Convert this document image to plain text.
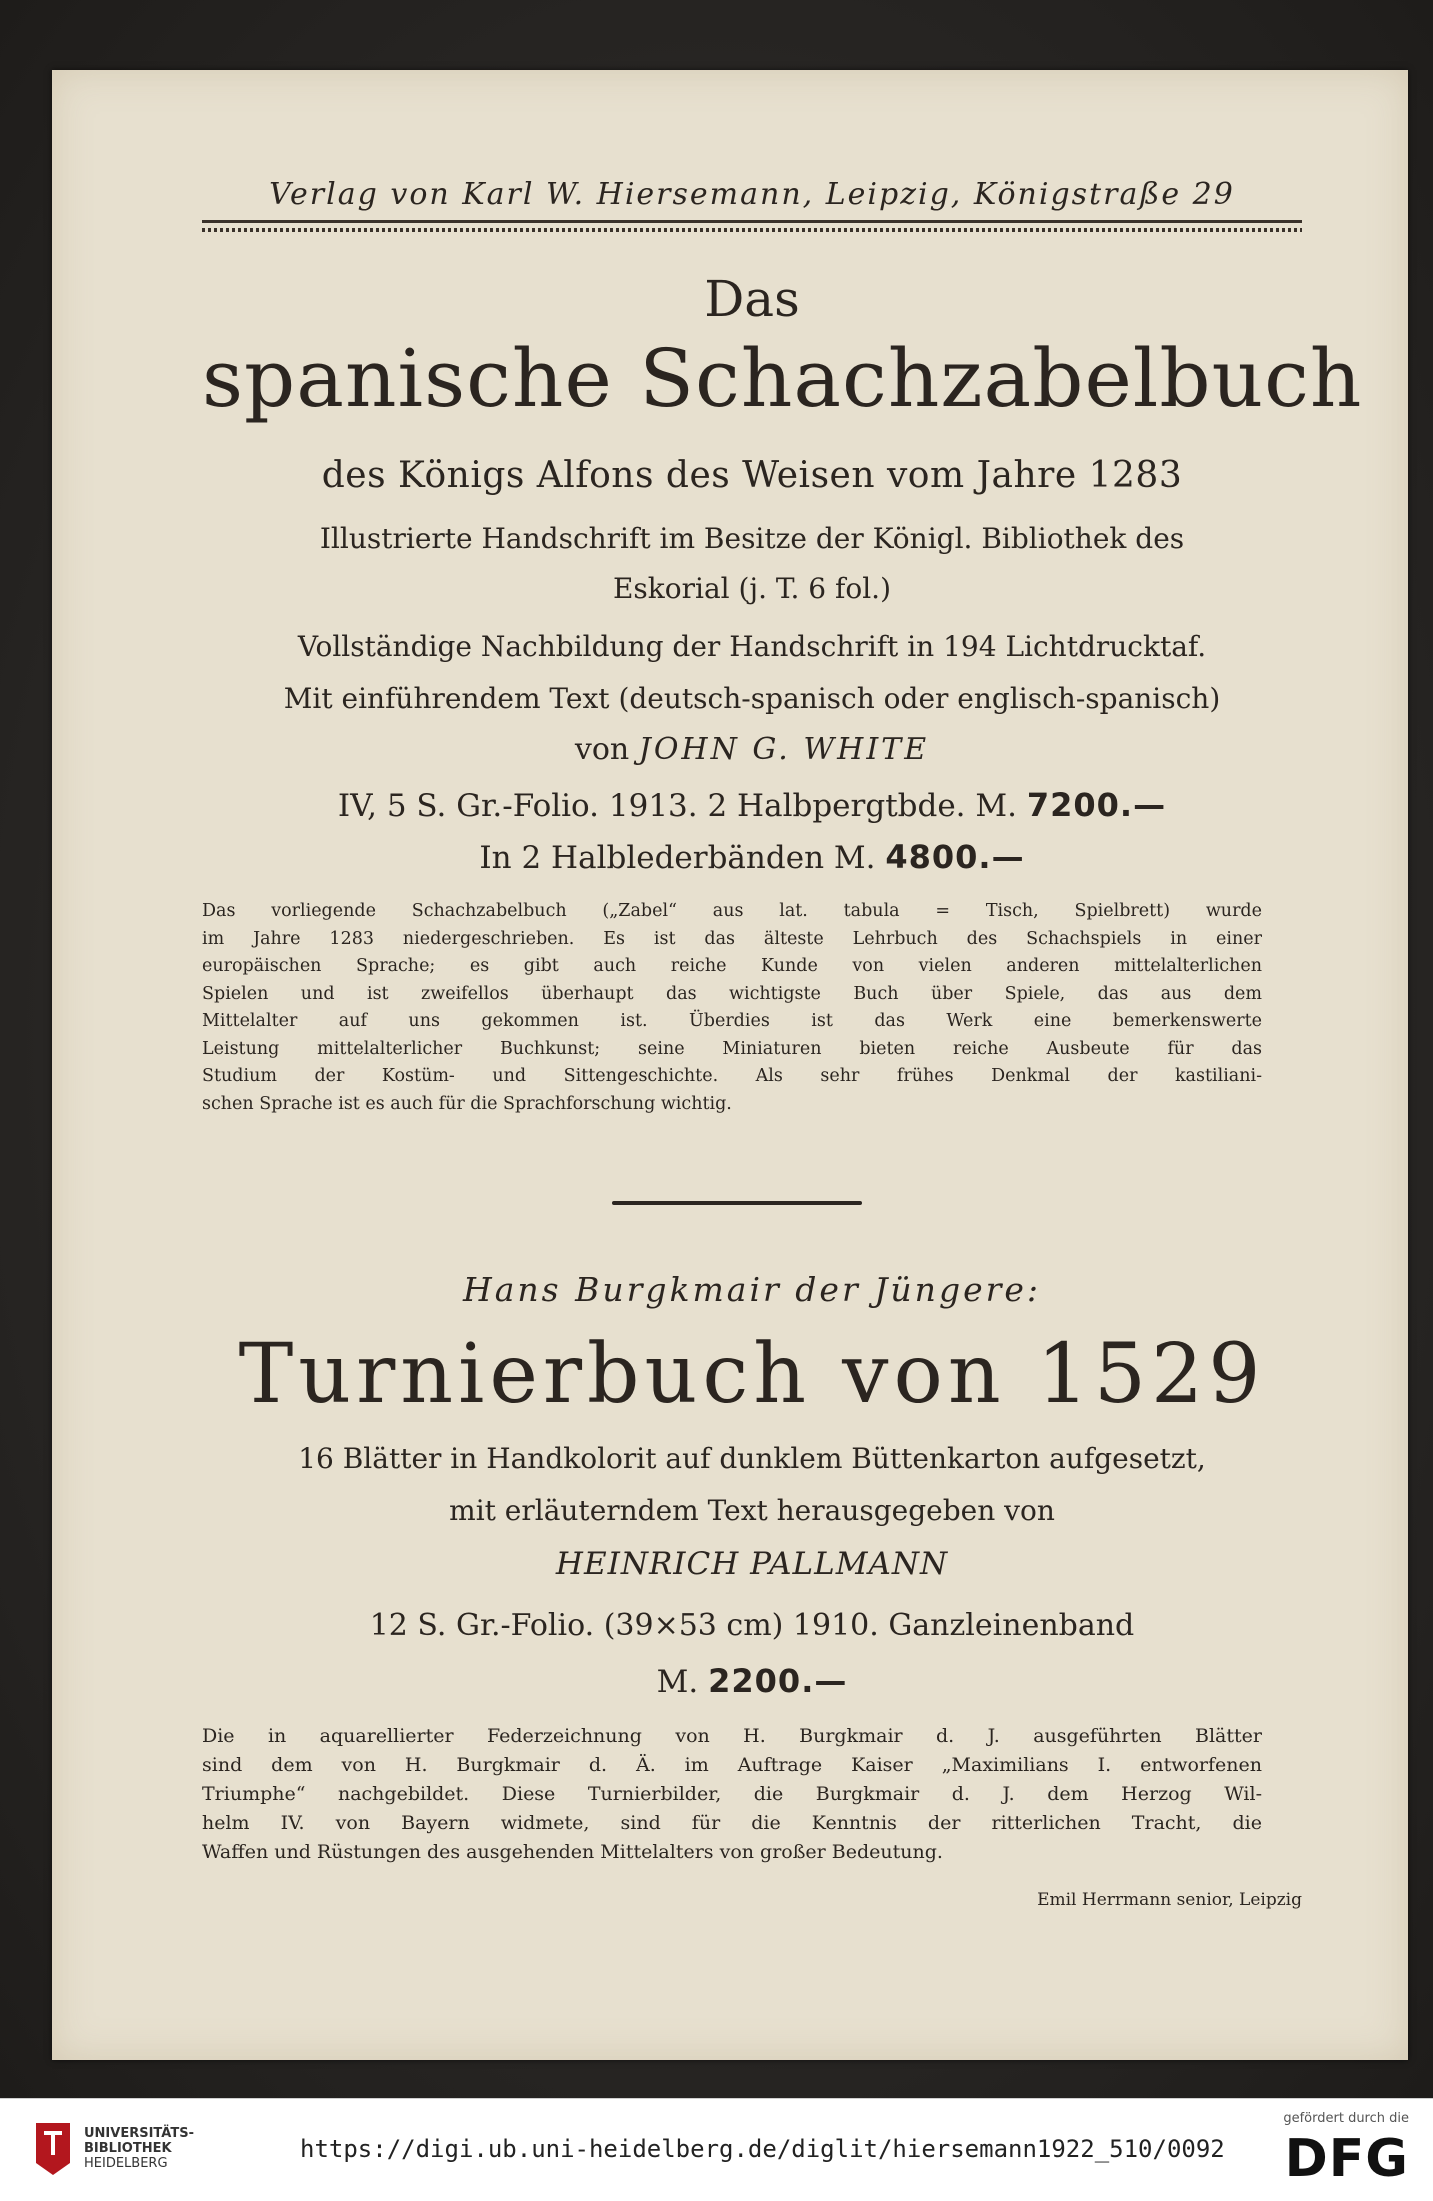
Verlag von Karl W. Hiersemann, Leipzig, Königstraße 29
Das
spanische Schachzabelbuch
des Königs Alfons des Weisen vom Jahre 1283
Illustrierte Handschrift im Besitze der Königl. Bibliothek des
Eskorial (j. T. 6 fol.)
Vollständige Nachbildung der Handschrift in 194 Lichtdrucktaf.
Mit einführendem Text (deutsch-spanisch oder englisch-spanisch)
von JOHN G. WHITE
IV, 5 S. Gr.-Folio. 1913. 2 Halbpergtbde. M. 7200.—
In 2 Halblederbänden M. 4800.—
Das vorliegende Schachzabelbuch („Zabel“ aus lat. tabula = Tisch, Spielbrett) wurde
im Jahre 1283 niedergeschrieben. Es ist das älteste Lehrbuch des Schachspiels in einer
europäischen Sprache; es gibt auch reiche Kunde von vielen anderen mittelalterlichen
Spielen und ist zweifellos überhaupt das wichtigste Buch über Spiele, das aus dem
Mittelalter auf uns gekommen ist. Überdies ist das Werk eine bemerkenswerte
Leistung mittelalterlicher Buchkunst; seine Miniaturen bieten reiche Ausbeute für das
Studium der Kostüm- und Sittengeschichte. Als sehr frühes Denkmal der kastiliani-
schen Sprache ist es auch für die Sprachforschung wichtig.
Hans Burgkmair der Jüngere:
Turnierbuch von 1529
16 Blätter in Handkolorit auf dunklem Büttenkarton aufgesetzt,
mit erläuterndem Text herausgegeben von
HEINRICH PALLMANN
12 S. Gr.-Folio. (39×53 cm) 1910. Ganzleinenband
M. 2200.—
Die in aquarellierter Federzeichnung von H. Burgkmair d. J. ausgeführten Blätter
sind dem von H. Burgkmair d. Ä. im Auftrage Kaiser „Maximilians I. entworfenen
Triumphe“ nachgebildet. Diese Turnierbilder, die Burgkmair d. J. dem Herzog Wil-
helm IV. von Bayern widmete, sind für die Kenntnis der ritterlichen Tracht, die
Waffen und Rüstungen des ausgehenden Mittelalters von großer Bedeutung.
Emil Herrmann senior, Leipzig
UNIVERSITÄTS-
BIBLIOTHEK
HEIDELBERG
https://digi.ub.uni-heidelberg.de/diglit/hiersemann1922_510/0092
gefördert durch die
DFG
